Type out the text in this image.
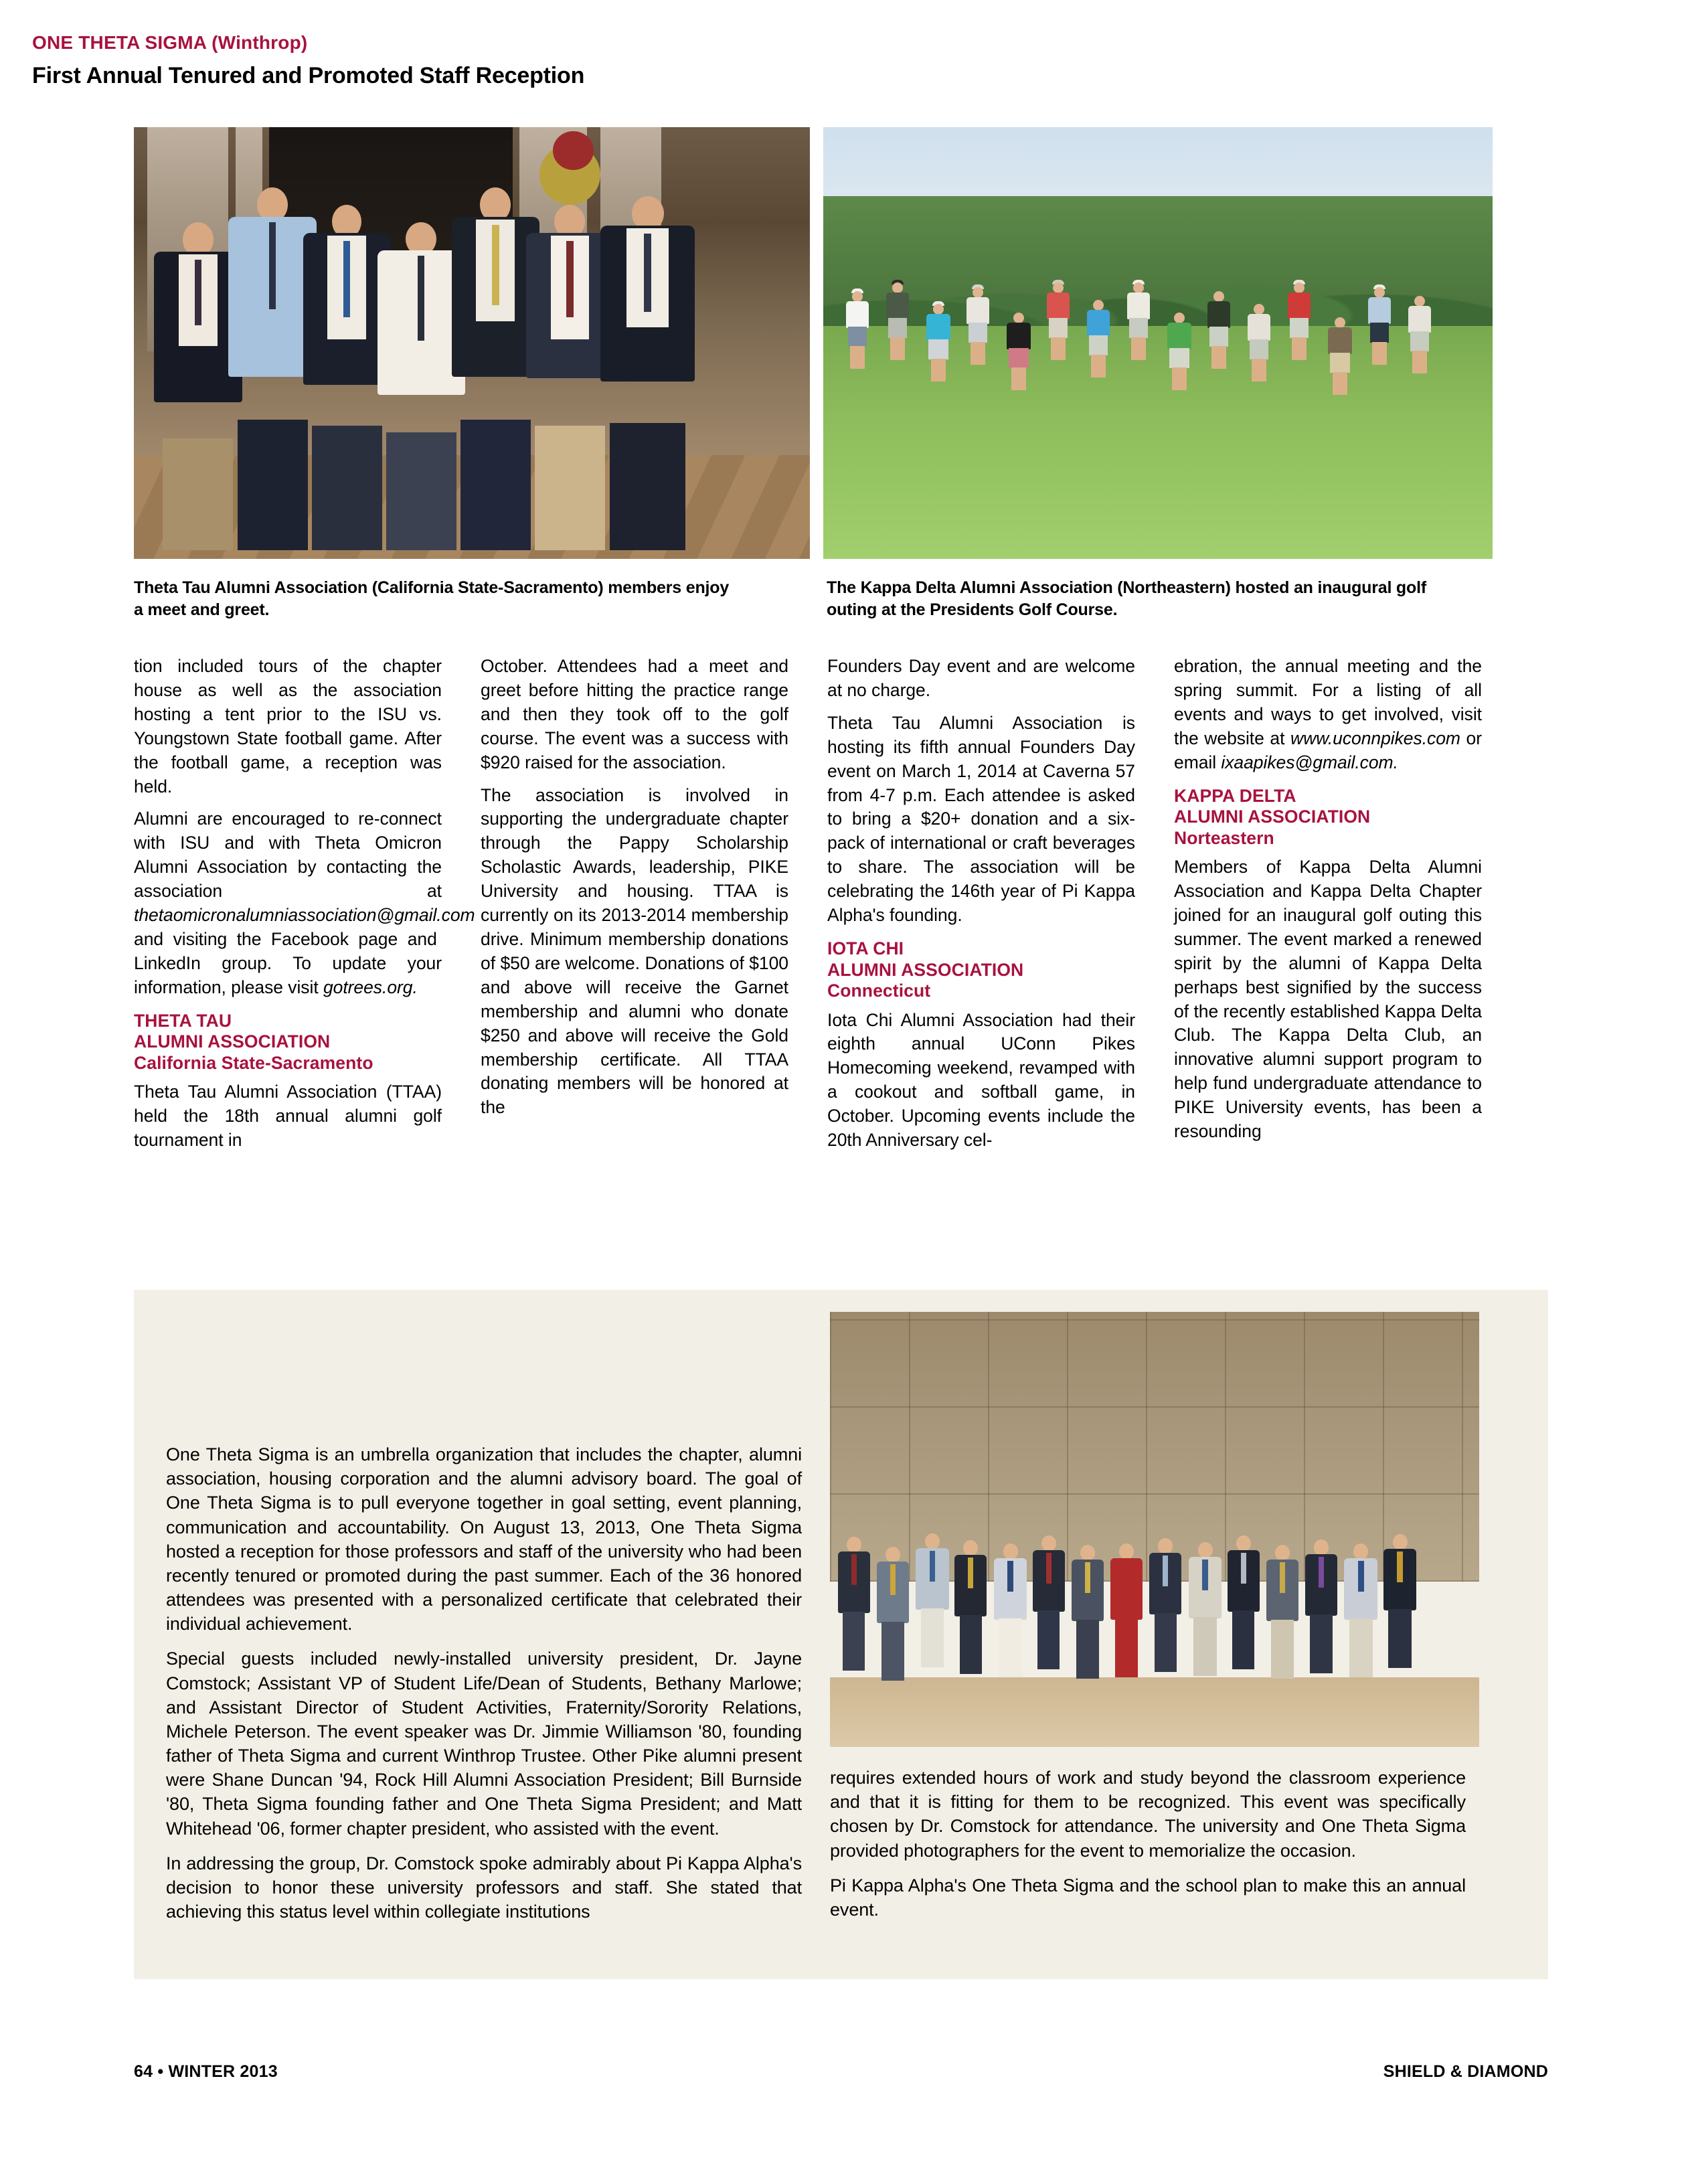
Theta Tau Alumni Association (California State-Sacramento) members enjoy a meet and greet.
The Kappa Delta Alumni Association (Northeastern) hosted an inaugural golf outing at the Presidents Golf Course.

tion included tours of the chapter house as well as the association hosting a tent prior to the ISU vs. Youngstown State football game. After the football game, a reception was held.

Alumni are encouraged to re-connect with ISU and with Theta Omicron Alumni Association by contacting the association at thetaomicronalumniassociation@gmail.com and visiting the Facebook page and LinkedIn group. To update your information, please visit gotrees.org.

THETA TAU
ALUMNI ASSOCIATION
California State-Sacramento

Theta Tau Alumni Association (TTAA) held the 18th annual alumni golf tournament in

October. Attendees had a meet and greet before hitting the practice range and then they took off to the golf course. The event was a success with $920 raised for the association.

The association is involved in supporting the undergraduate chapter through the Pappy Scholarship Scholastic Awards, leadership, PIKE University and housing. TTAA is currently on its 2013-2014 membership drive. Minimum membership donations of $50 are welcome. Donations of $100 and above will receive the Garnet membership and alumni who donate $250 and above will receive the Gold membership certificate. All TTAA donating members will be honored at the

Founders Day event and are welcome at no charge.

Theta Tau Alumni Association is hosting its fifth annual Founders Day event on March 1, 2014 at Caverna 57 from 4-7 p.m. Each attendee is asked to bring a $20+ donation and a six-pack of international or craft beverages to share. The association will be celebrating the 146th year of Pi Kappa Alpha's founding.

IOTA CHI
ALUMNI ASSOCIATION
Connecticut

Iota Chi Alumni Association had their eighth annual UConn Pikes Homecoming weekend, revamped with a cookout and softball game, in October. Upcoming events include the 20th Anniversary cel-

ebration, the annual meeting and the spring summit. For a listing of all events and ways to get involved, visit the website at www.uconnpikes.com or email ixaapikes@gmail.com.

KAPPA DELTA
ALUMNI ASSOCIATION
Norteastern

Members of Kappa Delta Alumni Association and Kappa Delta Chapter joined for an inaugural golf outing this summer. The event marked a renewed spirit by the alumni of Kappa Delta perhaps best signified by the success of the recently established Kappa Delta Club. The Kappa Delta Club, an innovative alumni support program to help fund undergraduate attendance to PIKE University events, has been a resounding

ONE THETA SIGMA (Winthrop)
First Annual Tenured and Promoted Staff Reception

One Theta Sigma is an umbrella organization that includes the chapter, alumni association, housing corporation and the alumni advisory board. The goal of One Theta Sigma is to pull everyone together in goal setting, event planning, communication and accountability. On August 13, 2013, One Theta Sigma hosted a reception for those professors and staff of the university who had been recently tenured or promoted during the past summer. Each of the 36 honored attendees was presented with a personalized certificate that celebrated their individual achievement.

Special guests included newly-installed university president, Dr. Jayne Comstock; Assistant VP of Student Life/Dean of Students, Bethany Marlowe; and Assistant Director of Student Activities, Fraternity/Sorority Relations, Michele Peterson. The event speaker was Dr. Jimmie Williamson '80, founding father of Theta Sigma and current Winthrop Trustee. Other Pike alumni present were Shane Duncan '94, Rock Hill Alumni Association President; Bill Burnside '80, Theta Sigma founding father and One Theta Sigma President; and Matt Whitehead '06, former chapter president, who assisted with the event.

In addressing the group, Dr. Comstock spoke admirably about Pi Kappa Alpha's decision to honor these university professors and staff. She stated that achieving this status level within collegiate institutions

requires extended hours of work and study beyond the classroom experience and that it is fitting for them to be recognized. This event was specifically chosen by Dr. Comstock for attendance. The university and One Theta Sigma provided photographers for the event to memorialize the occasion.

Pi Kappa Alpha's One Theta Sigma and the school plan to make this an annual event.

64 • WINTER 2013	SHIELD & DIAMOND
